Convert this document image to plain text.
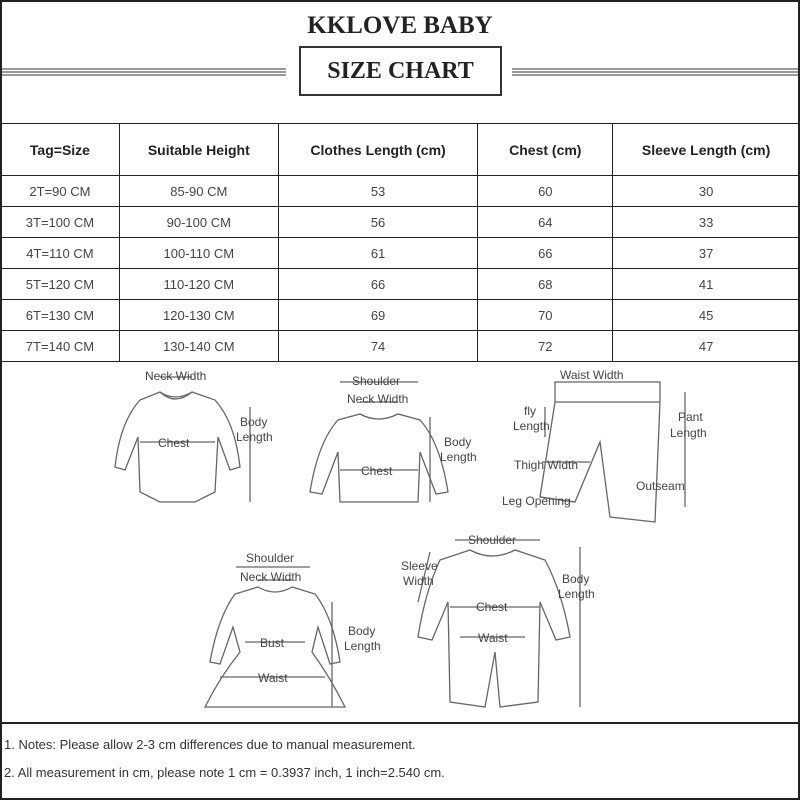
KKLOVE BABY
SIZE CHART
Tag=Size	Suitable Height	Clothes Length (cm)	Chest (cm)	Sleeve Length (cm)
2T=90 CM	85-90 CM	53	60	30
3T=100 CM	90-100 CM	56	64	33
4T=110 CM	100-110 CM	61	66	37
5T=120 CM	110-120 CM	66	68	41
6T=130 CM	120-130 CM	69	70	45
7T=140 CM	130-140 CM	74	72	47
Neck Width
Chest
Body
Length
Shoulder
Neck Width
Chest
Body
Length
Waist Width
fly
Length
Pant
Length
Thigh Width
Outseam
Leg Opening
Shoulder
Neck Width
Bust
Waist
Body
Length
Shoulder
Sleeve
Width
Chest
Waist
Body
Length
1. Notes: Please allow 2-3 cm differences due to manual measurement.
2. All measurement in cm, please note 1 cm = 0.3937 inch, 1 inch=2.540 cm.
